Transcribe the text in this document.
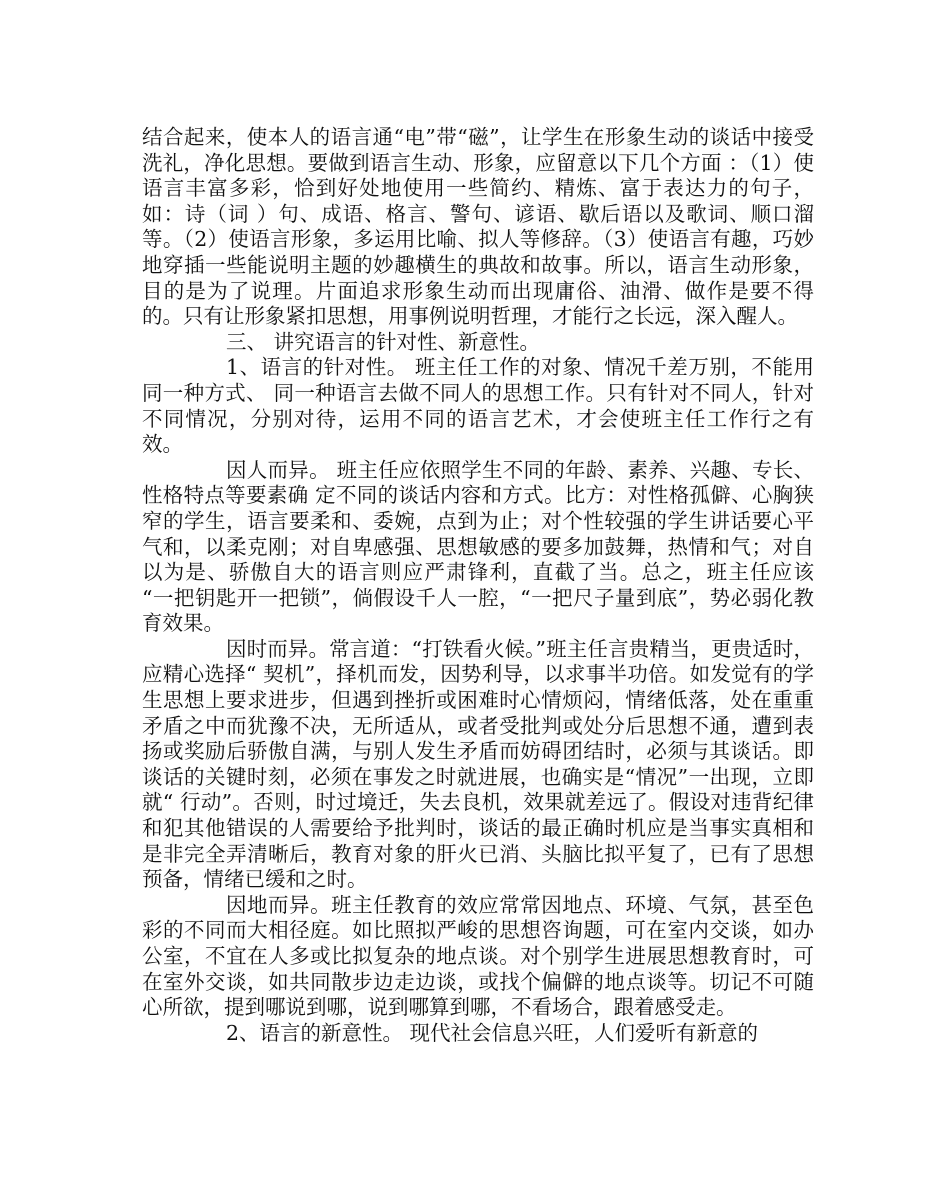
结合起来，使本人的语言通“电”带“磁”，让学生在形象生动的谈话中接受洗礼，净化思想。要做到语言生动、形象，应留意以下几个方面 ：（1）使语言丰富多彩，恰到好处地使用一些简约、精炼、富于表达力的句子，如：诗（词 ）句、成语、格言、警句、谚语、歇后语以及歌词、顺口溜等。（2）使语言形象，多运用比喻、拟人等修辞。（3）使语言有趣，巧妙地穿插一些能说明主题的妙趣横生的典故和故事。所以，语言生动形象，目的是为了说理。片面追求形象生动而出现庸俗、油滑、做作是要不得的。只有让形象紧扣思想，用事例说明哲理，才能行之长远，深入醒人。

三、 讲究语言的针对性、新意性。

1、语言的针对性。 班主任工作的对象、情况千差万别，不能用同一种方式、 同一种语言去做不同人的思想工作。只有针对不同人，针对不同情况，分别对待，运用不同的语言艺术，才会使班主任工作行之有效。

因人而异。 班主任应依照学生不同的年龄、素养、兴趣、专长、性格特点等要素确 定不同的谈话内容和方式。比方：对性格孤僻、心胸狭窄的学生，语言要柔和、委婉，点到为止；对个性较强的学生讲话要心平气和，以柔克刚；对自卑感强、思想敏感的要多加鼓舞，热情和气；对自以为是、骄傲自大的语言则应严肃锋利，直截了当。总之，班主任应该 “一把钥匙开一把锁”，倘假设千人一腔，“一把尺子量到底”，势必弱化教育效果。

因时而异。常言道：“打铁看火候。”班主任言贵精当，更贵适时，应精心选择“ 契机”，择机而发，因势利导，以求事半功倍。如发觉有的学生思想上要求进步，但遇到挫折或困难时心情烦闷，情绪低落，处在重重矛盾之中而犹豫不决，无所适从，或者受批判或处分后思想不通，遭到表扬或奖励后骄傲自满，与别人发生矛盾而妨碍团结时，必须与其谈话。即谈话的关键时刻，必须在事发之时就进展，也确实是“情况”一出现，立即就“ 行动”。否则，时过境迁，失去良机，效果就差远了。假设对违背纪律和犯其他错误的人需要给予批判时，谈话的最正确时机应是当事实真相和是非完全弄清晰后，教育对象的肝火已消、头脑比拟平复了，已有了思想预备，情绪已缓和之时。

因地而异。班主任教育的效应常常因地点、环境、气氛，甚至色彩的不同而大相径庭。如比照拟严峻的思想咨询题，可在室内交谈，如办公室，不宜在人多或比拟复杂的地点谈。对个别学生进展思想教育时，可在室外交谈，如共同散步边走边谈，或找个偏僻的地点谈等。切记不可随心所欲，提到哪说到哪，说到哪算到哪，不看场合，跟着感受走。

2、语言的新意性。 现代社会信息兴旺，人们爱听有新意的
